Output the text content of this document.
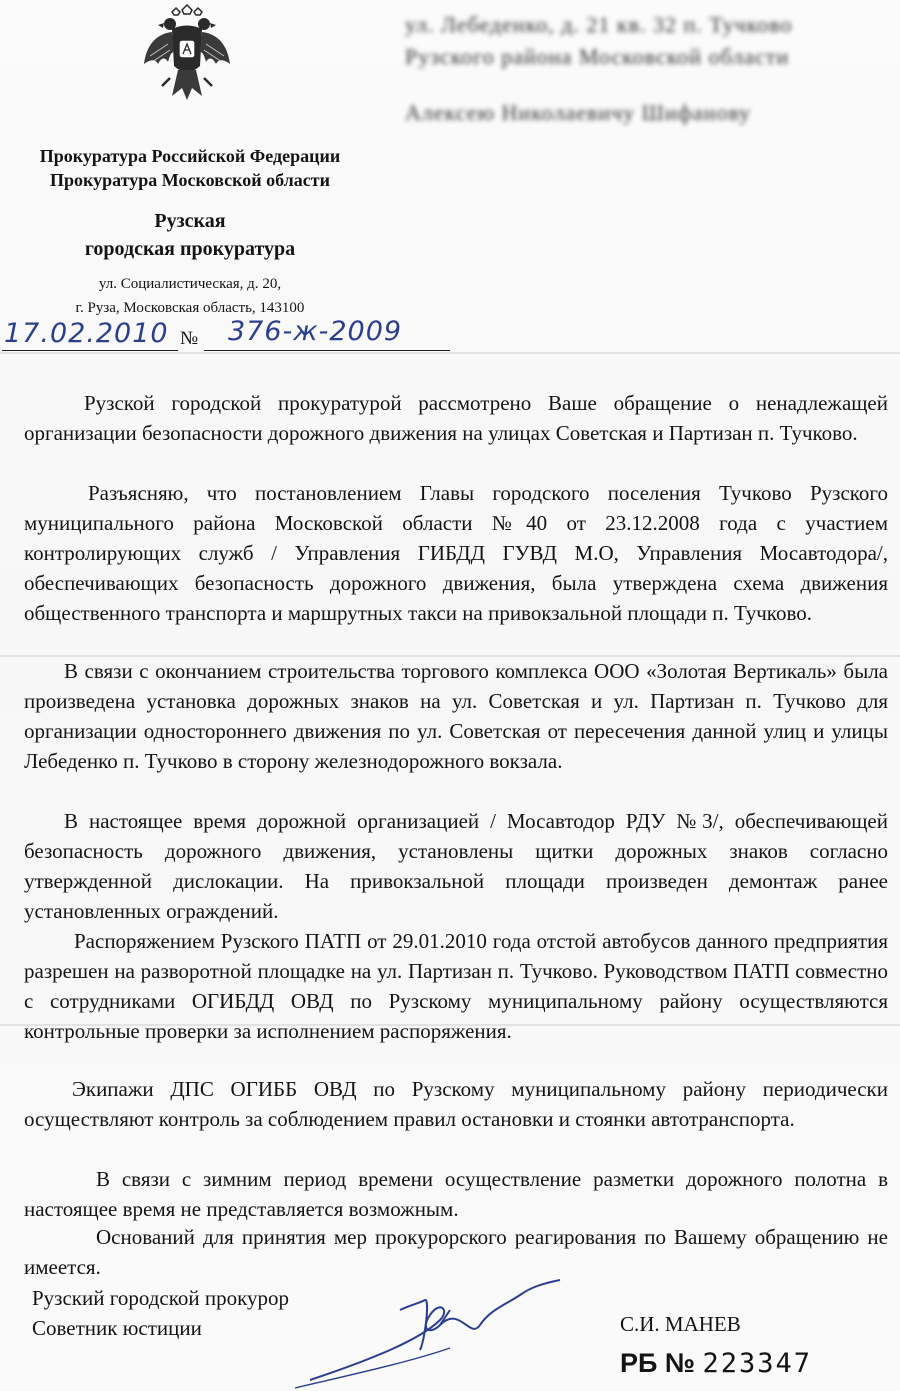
ул. Лебеденко, д. 21 кв. 32 п. Тучково
Рузского района Московской области
Алексею Николаевичу Шифанову
Прокуратура Российской Федерации
Прокуратура Московской области
Рузская
городская прокуратура
ул. Социалистическая, д. 20,
г. Руза, Московская область, 143100
17.02.2010 № 376-ж-2009

Рузской городской прокуратурой рассмотрено Ваше обращение о ненадлежащей организации безопасности дорожного движения на улицах Советская и Партизан п. Тучково.

Разъясняю, что постановлением Главы городского поселения Тучково Рузского муниципального района Московской области №40 от 23.12.2008 года с участием контролирующих служб / Управления ГИБДД ГУВД М.О, Управления Мосавтодора/, обеспечивающих безопасность дорожного движения, была утверждена схема движения общественного транспорта и маршрутных такси на привокзальной площади п. Тучково.

В связи с окончанием строительства торгового комплекса ООО «Золотая Вертикаль» была произведена установка дорожных знаков на ул. Советская и ул. Партизан п. Тучково для организации одностороннего движения по ул. Советская от пересечения данной улиц и улицы Лебеденко п. Тучково в сторону железнодорожного вокзала.

В настоящее время дорожной организацией / Мосавтодор РДУ №3/, обеспечивающей безопасность дорожного движения, установлены щитки дорожных знаков согласно утвержденной дислокации. На привокзальной площади произведен демонтаж ранее установленных ограждений.

Распоряжением Рузского ПАТП от 29.01.2010 года отстой автобусов данного предприятия разрешен на разворотной площадке на ул. Партизан п. Тучково. Руководством ПАТП совместно с сотрудниками ОГИБДД ОВД по Рузскому муниципальному району осуществляются контрольные проверки за исполнением распоряжения.

Экипажи ДПС ОГИББ ОВД по Рузскому муниципальному району периодически осуществляют контроль за соблюдением правил остановки и стоянки автотранспорта.

В связи с зимним период времени осуществление разметки дорожного полотна в настоящее время не представляется возможным.

Оснований для принятия мер прокурорского реагирования по Вашему обращению не имеется.

Рузский городской прокурор
Советник юстиции	С.И. МАНЕВ
РБ № 223347
